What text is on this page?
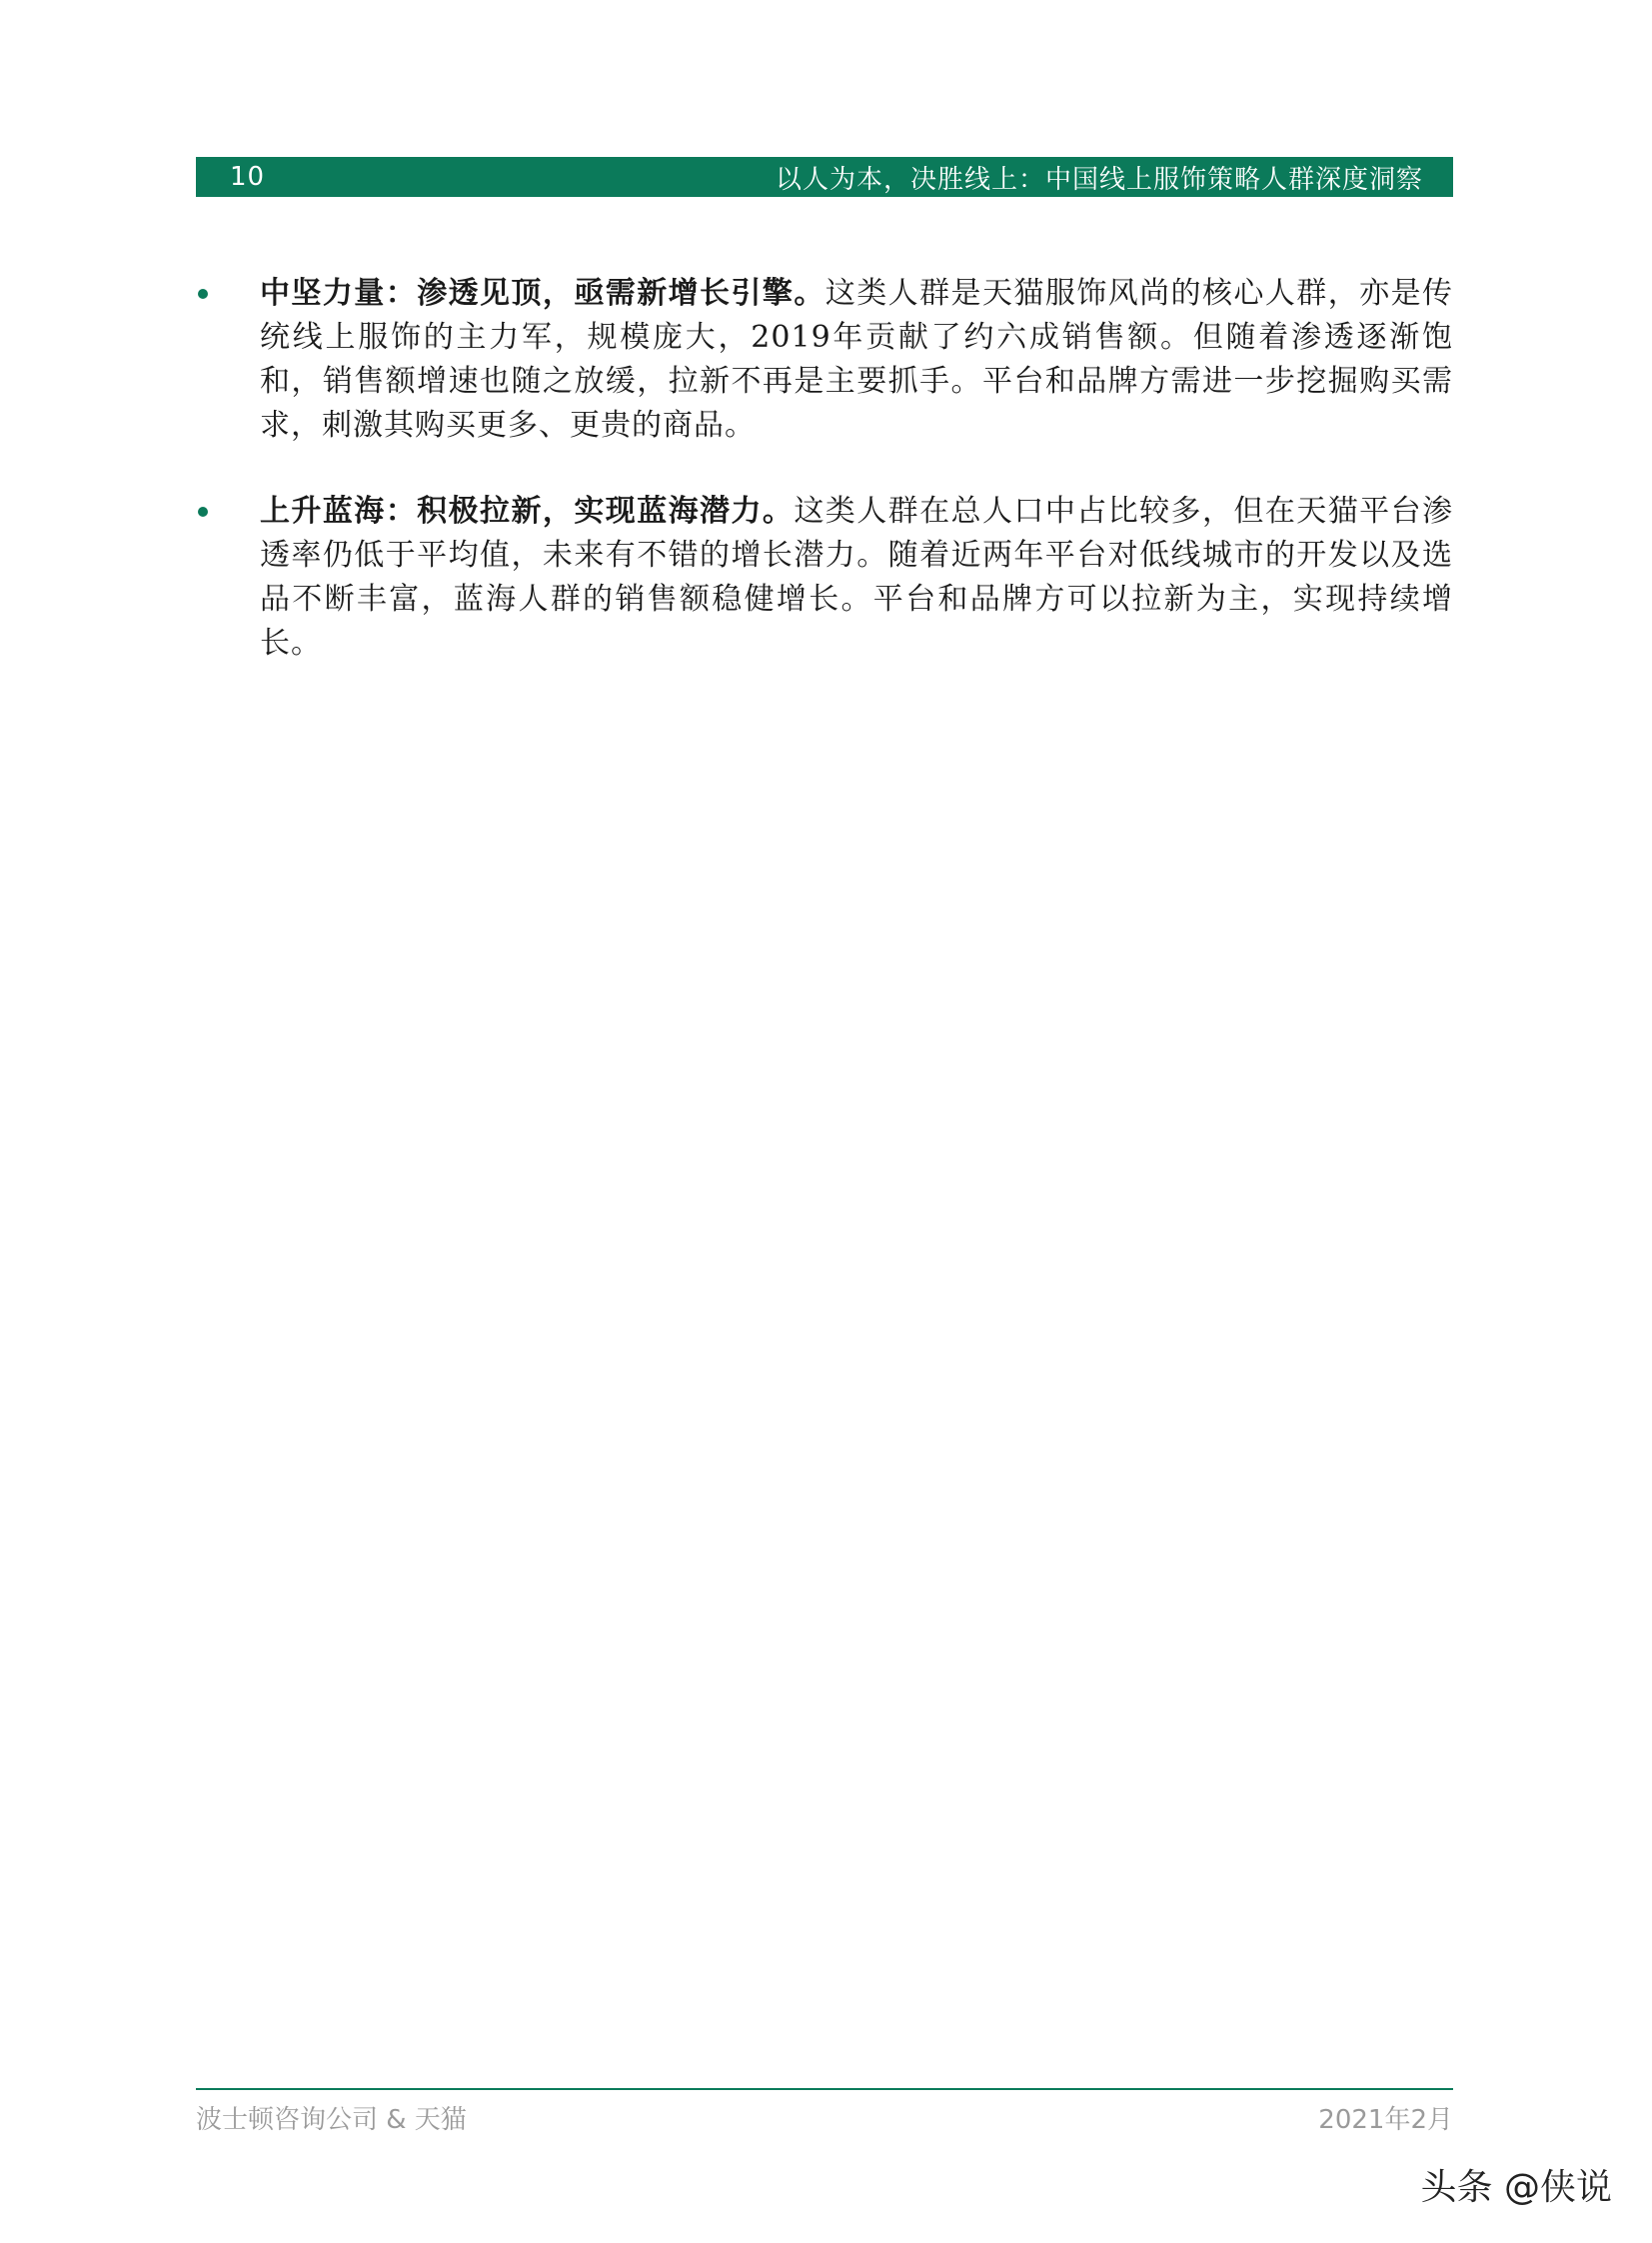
10	以人为本，决胜线上：中国线上服饰策略人群深度洞察
中坚力量：渗透见顶，亟需新增长引擎。这类人群是天猫服饰风尚的核心人群，亦是传统线上服饰的主力军，规模庞大，2019年贡献了约六成销售额。但随着渗透逐渐饱和，销售额增速也随之放缓，拉新不再是主要抓手。平台和品牌方需进一步挖掘购买需求，刺激其购买更多、更贵的商品。
上升蓝海：积极拉新，实现蓝海潜力。这类人群在总人口中占比较多，但在天猫平台渗透率仍低于平均值，未来有不错的增长潜力。随着近两年平台对低线城市的开发以及选品不断丰富，蓝海人群的销售额稳健增长。平台和品牌方可以拉新为主，实现持续增长。
波士顿咨询公司 & 天猫	2021年2月
头条 @侠说
